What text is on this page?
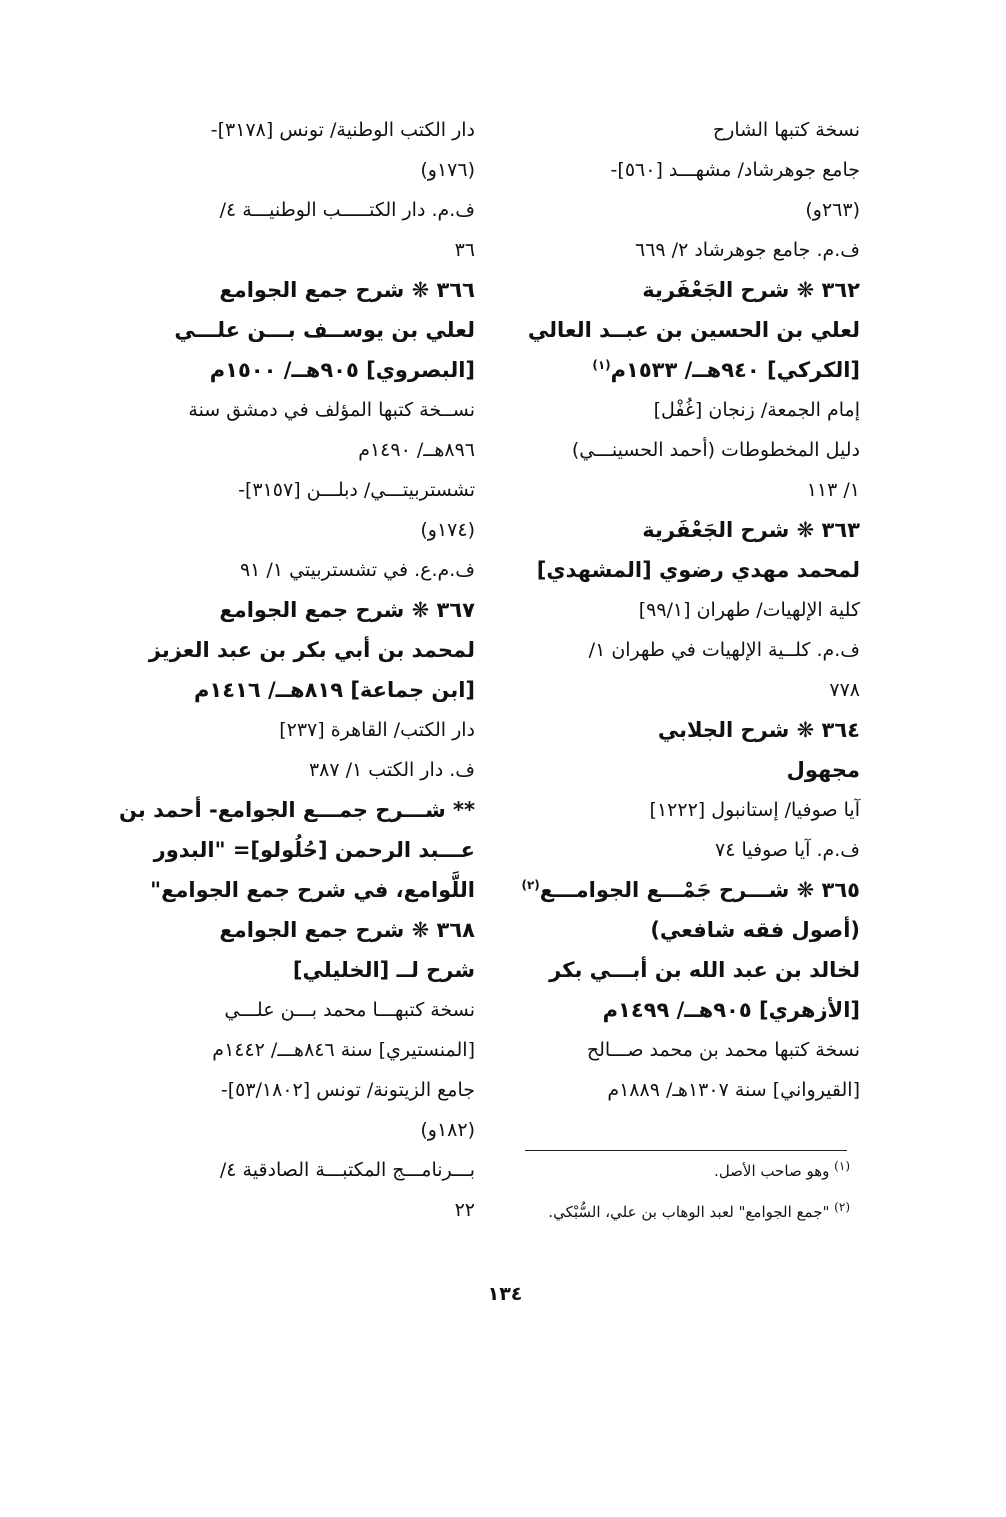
نسخة كتبها الشارح
جامع جوهرشاد/ مشهـــد [٥٦٠]-
(٢٦٣و)
ف.م. جامع جوهرشاد ٢/ ٦٦٩
٣٦٢ ❋ شرح الجَعْفَرية
لعلي بن الحسين بن عبــد العالي
[الكركي] ٩٤٠هــ/ ١٥٣٣م$^{(١)}$
إمام الجمعة/ زنجان [غُفْل]
دليل المخطوطات (أحمد الحسينـــي)
١/ ١١٣
٣٦٣ ❋ شرح الجَعْفَرية
لمحمد مهدي رضوي [المشهدي]
كلية الإلهيات/ طهران [٩٩/١]
ف.م. كلــية الإلهيات في طهران ١/
٧٧٨
٣٦٤ ❋ شرح الجلابي
مجهول
آيا صوفيا/ إستانبول [١٢٢٢]
ف.م. آيا صوفيا ٧٤
٣٦٥ ❋ شـــرح جَمْـــع الجوامـــع$^{(٢)}$
(أصول فقه شافعي)
لخالد بن عبد الله بن أبـــي بكر
[الأزهري] ٩٠٥هــ/ ١٤٩٩م
نسخة كتبها محمد بن محمد صـــالح
[القيرواني] سنة ١٣٠٧هـ/ ١٨٨٩م
دار الكتب الوطنية/ تونس [٣١٧٨]-
(١٧٦و)
ف.م. دار الكتـــــب الوطنيـــة ٤/
٣٦
٣٦٦ ❋ شرح جمع الجوامع
لعلي بن يوســف بـــن علـــي
[البصروي] ٩٠٥هــ/ ١٥٠٠م
نســخة كتبها المؤلف في دمشق سنة
٨٩٦هــ/ ١٤٩٠م
تشستربيتـــي/ دبلـــن [٣١٥٧]-
(١٧٤و)
ف.م.ع. في تشستربيتي ١/ ٩١
٣٦٧ ❋ شرح جمع الجوامع
لمحمد بن أبي بكر بن عبد العزيز
[ابن جماعة] ٨١٩هــ/ ١٤١٦م
دار الكتب/ القاهرة [٢٣٧]
ف. دار الكتب ١/ ٣٨٧
** شـــرح جمـــع الجوامع- أحمد بن
عـــبد الرحمن [حُلُولو]= "البدور
اللَّوامع، في شرح جمع الجوامع"
٣٦٨ ❋ شرح جمع الجوامع
شرح لــ [الخليلي]
نسخة كتبهـــا محمد بـــن علـــي
[المنستيري] سنة ٨٤٦هـــ/ ١٤٤٢م
جامع الزيتونة/ تونس [٥٣/١٨٠٢]-
(١٨٢و)
بـــرنامـــج المكتبـــة الصادقية ٤/
٢٢
$^{(١)}$ وهو صاحب الأصل.
$^{(٢)}$ "جمع الجوامع" لعبد الوهاب بن علي، السُّبْكي.
١٣٤
